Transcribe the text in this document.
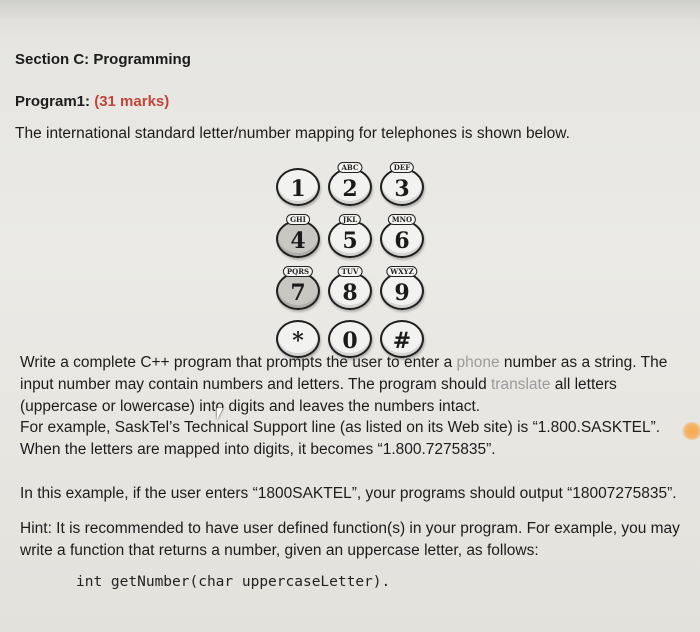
Section C: Programming
Program1: (31 marks)
The international standard letter/number mapping for telephones is shown below.
1
ABC
2
DEF
3
GHI
4
JKL
5
MNO
6
PQRS
7
TUV
8
WXYZ
9
*	0	#
Write a complete C++ program that prompts the user to enter a phone number as a string. The input number may contain numbers and letters. The program should translate all letters (uppercase or lowercase) into digits and leaves the numbers intact.
For example, SaskTel’s Technical Support line (as listed on its Web site) is “1.800.SASKTEL”. When the letters are mapped into digits, it becomes “1.800.7275835”.
In this example, if the user enters “1800SAKTEL”, your programs should output “18007275835”.
Hint: It is recommended to have user defined function(s) in your program. For example, you may write a function that returns a number, given an uppercase letter, as follows:
int getNumber(char uppercaseLetter).
